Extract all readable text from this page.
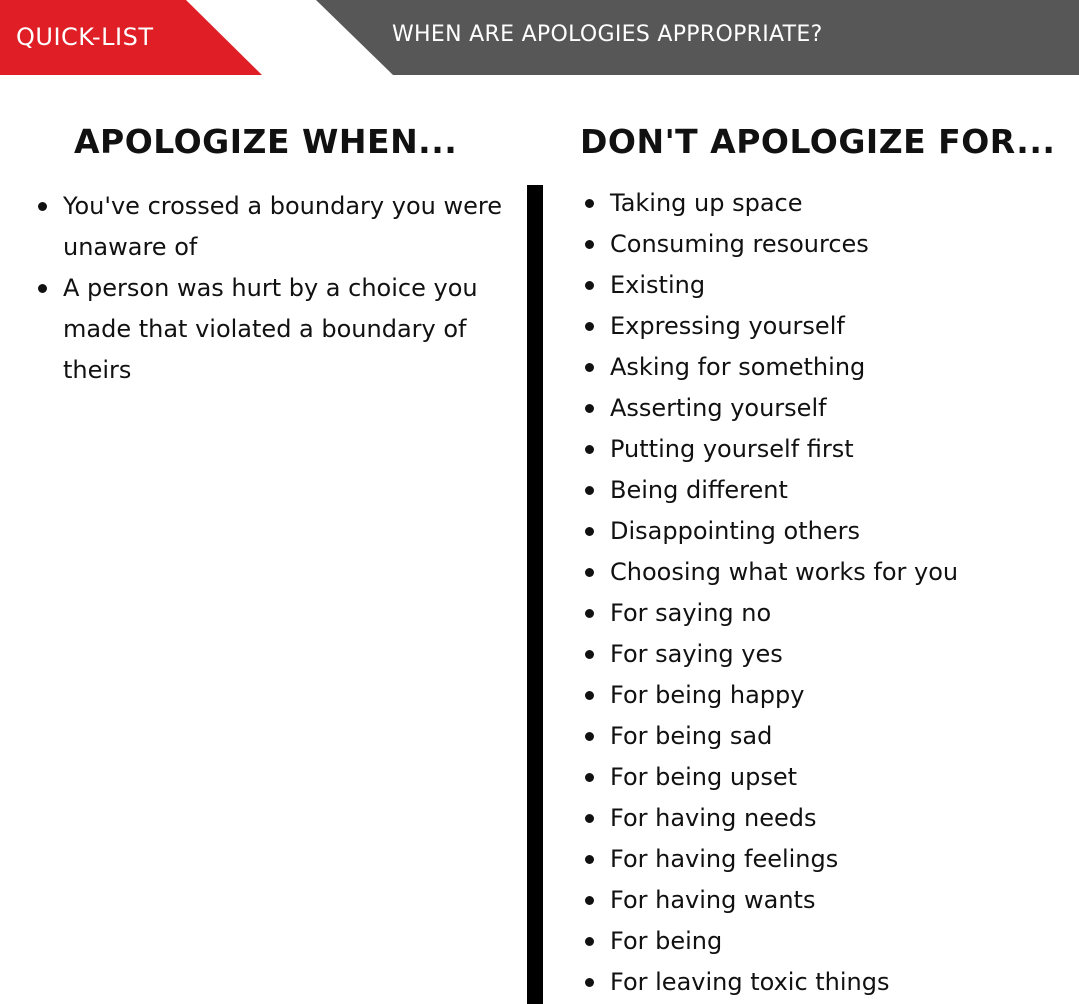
QUICK-LIST	WHEN ARE APOLOGIES APPROPRIATE?
APOLOGIZE WHEN...	DON'T APOLOGIZE FOR...
You've crossed a boundary you were unaware of
A person was hurt by a choice you made that violated a boundary of theirs
Taking up space
Consuming resources
Existing
Expressing yourself
Asking for something
Asserting yourself
Putting yourself first
Being different
Disappointing others
Choosing what works for you
For saying no
For saying yes
For being happy
For being sad
For being upset
For having needs
For having feelings
For having wants
For being
For leaving toxic things
